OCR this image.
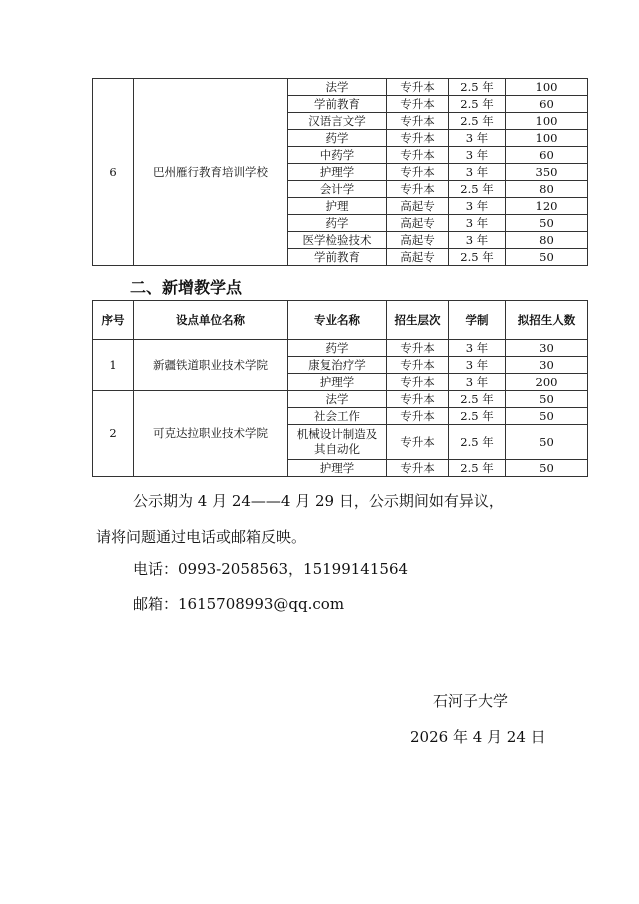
6	巴州雁行教育培训学校	法学	专升本	2.5 年	100
		学前教育	专升本	2.5 年	60
		汉语言文学	专升本	2.5 年	100
		药学	专升本	3 年	100
		中药学	专升本	3 年	60
		护理学	专升本	3 年	350
		会计学	专升本	2.5 年	80
		护理	高起专	3 年	120
		药学	高起专	3 年	50
		医学检验技术	高起专	3 年	80
		学前教育	高起专	2.5 年	50
二、新增教学点
序号	设点单位名称	专业名称	招生层次	学制	拟招生人数
1	新疆铁道职业技术学院	药学	专升本	3 年	30
		康复治疗学	专升本	3 年	30
		护理学	专升本	3 年	200
2	可克达拉职业技术学院	法学	专升本	2.5 年	50
		社会工作	专升本	2.5 年	50
		机械设计制造及其自动化	专升本	2.5 年	50
		护理学	专升本	2.5 年	50

公示期为 4 月 24——4 月 29 日，公示期间如有异议，

请将问题通过电话或邮箱反映。

电话：0993-2058563，15199141564

邮箱：1615708993@qq.com

石河子大学

2026 年 4 月 24 日
